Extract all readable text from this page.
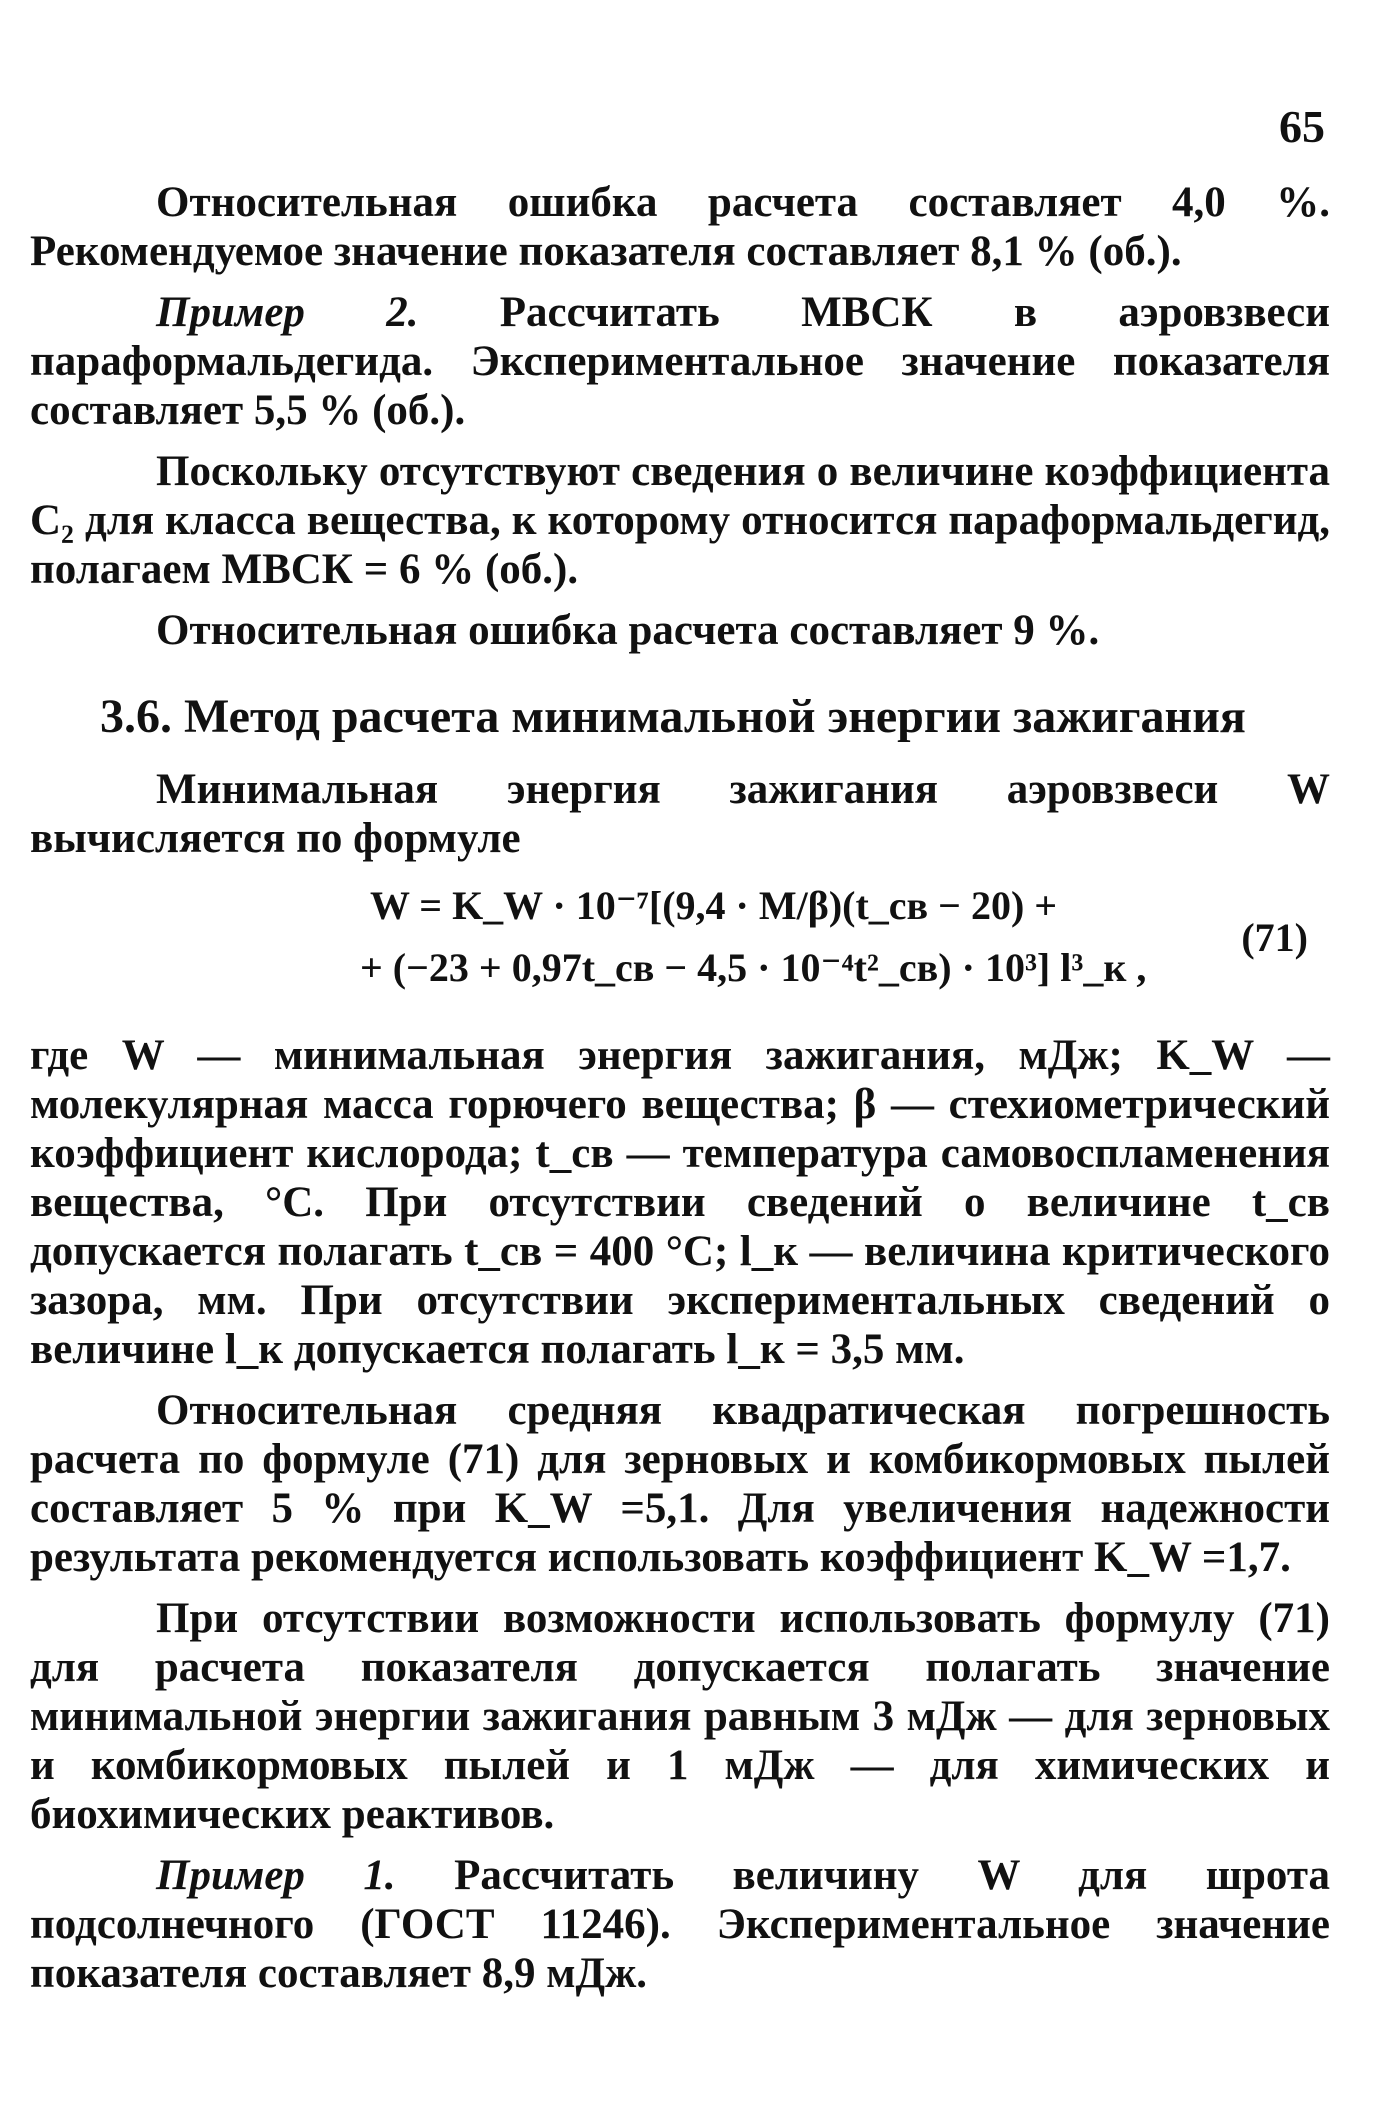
65

Относительная ошибка расчета составляет 4,0 %. Рекомендуемое значение показателя составляет 8,1 % (об.).

Пример 2. Рассчитать МВСК в аэровзвеси параформальдегида. Экспериментальное значение показателя составляет 5,5 % (об.).

Поскольку отсутствуют сведения о величине коэффициента C₂ для класса вещества, к которому относится параформальдегид, полагаем МВСК = 6 % (об.).

Относительная ошибка расчета составляет 9 %.

3.6. Метод расчета минимальной энергии зажигания

Минимальная энергия зажигания аэровзвеси W вычисляется по формуле

W = K_W · 10⁻⁷[(9,4 · M/β)(t_св − 20) +
+ (−23 + 0,97t_св − 4,5 · 10⁻⁴t²_св) · 10³] l³_к ,
(71)

где W — минимальная энергия зажигания, мДж; K_W — молекулярная масса горючего вещества; β — стехиометрический коэффициент кислорода; t_св — температура самовоспламенения вещества, °С. При отсутствии сведений о величине t_св допускается полагать t_св = 400 °С; l_к — величина критического зазора, мм. При отсутствии экспериментальных сведений о величине l_к допускается полагать l_к = 3,5 мм.

Относительная средняя квадратическая погрешность расчета по формуле (71) для зерновых и комбикормовых пылей составляет 5 % при K_W =5,1. Для увеличения надежности результата рекомендуется использовать коэффициент K_W =1,7.

При отсутствии возможности использовать формулу (71) для расчета показателя допускается полагать значение минимальной энергии зажигания равным 3 мДж — для зерновых и комбикормовых пылей и 1 мДж — для химических и биохимических реактивов.

Пример 1. Рассчитать величину W для шрота подсолнечного (ГОСТ 11246). Экспериментальное значение показателя составляет 8,9 мДж.
